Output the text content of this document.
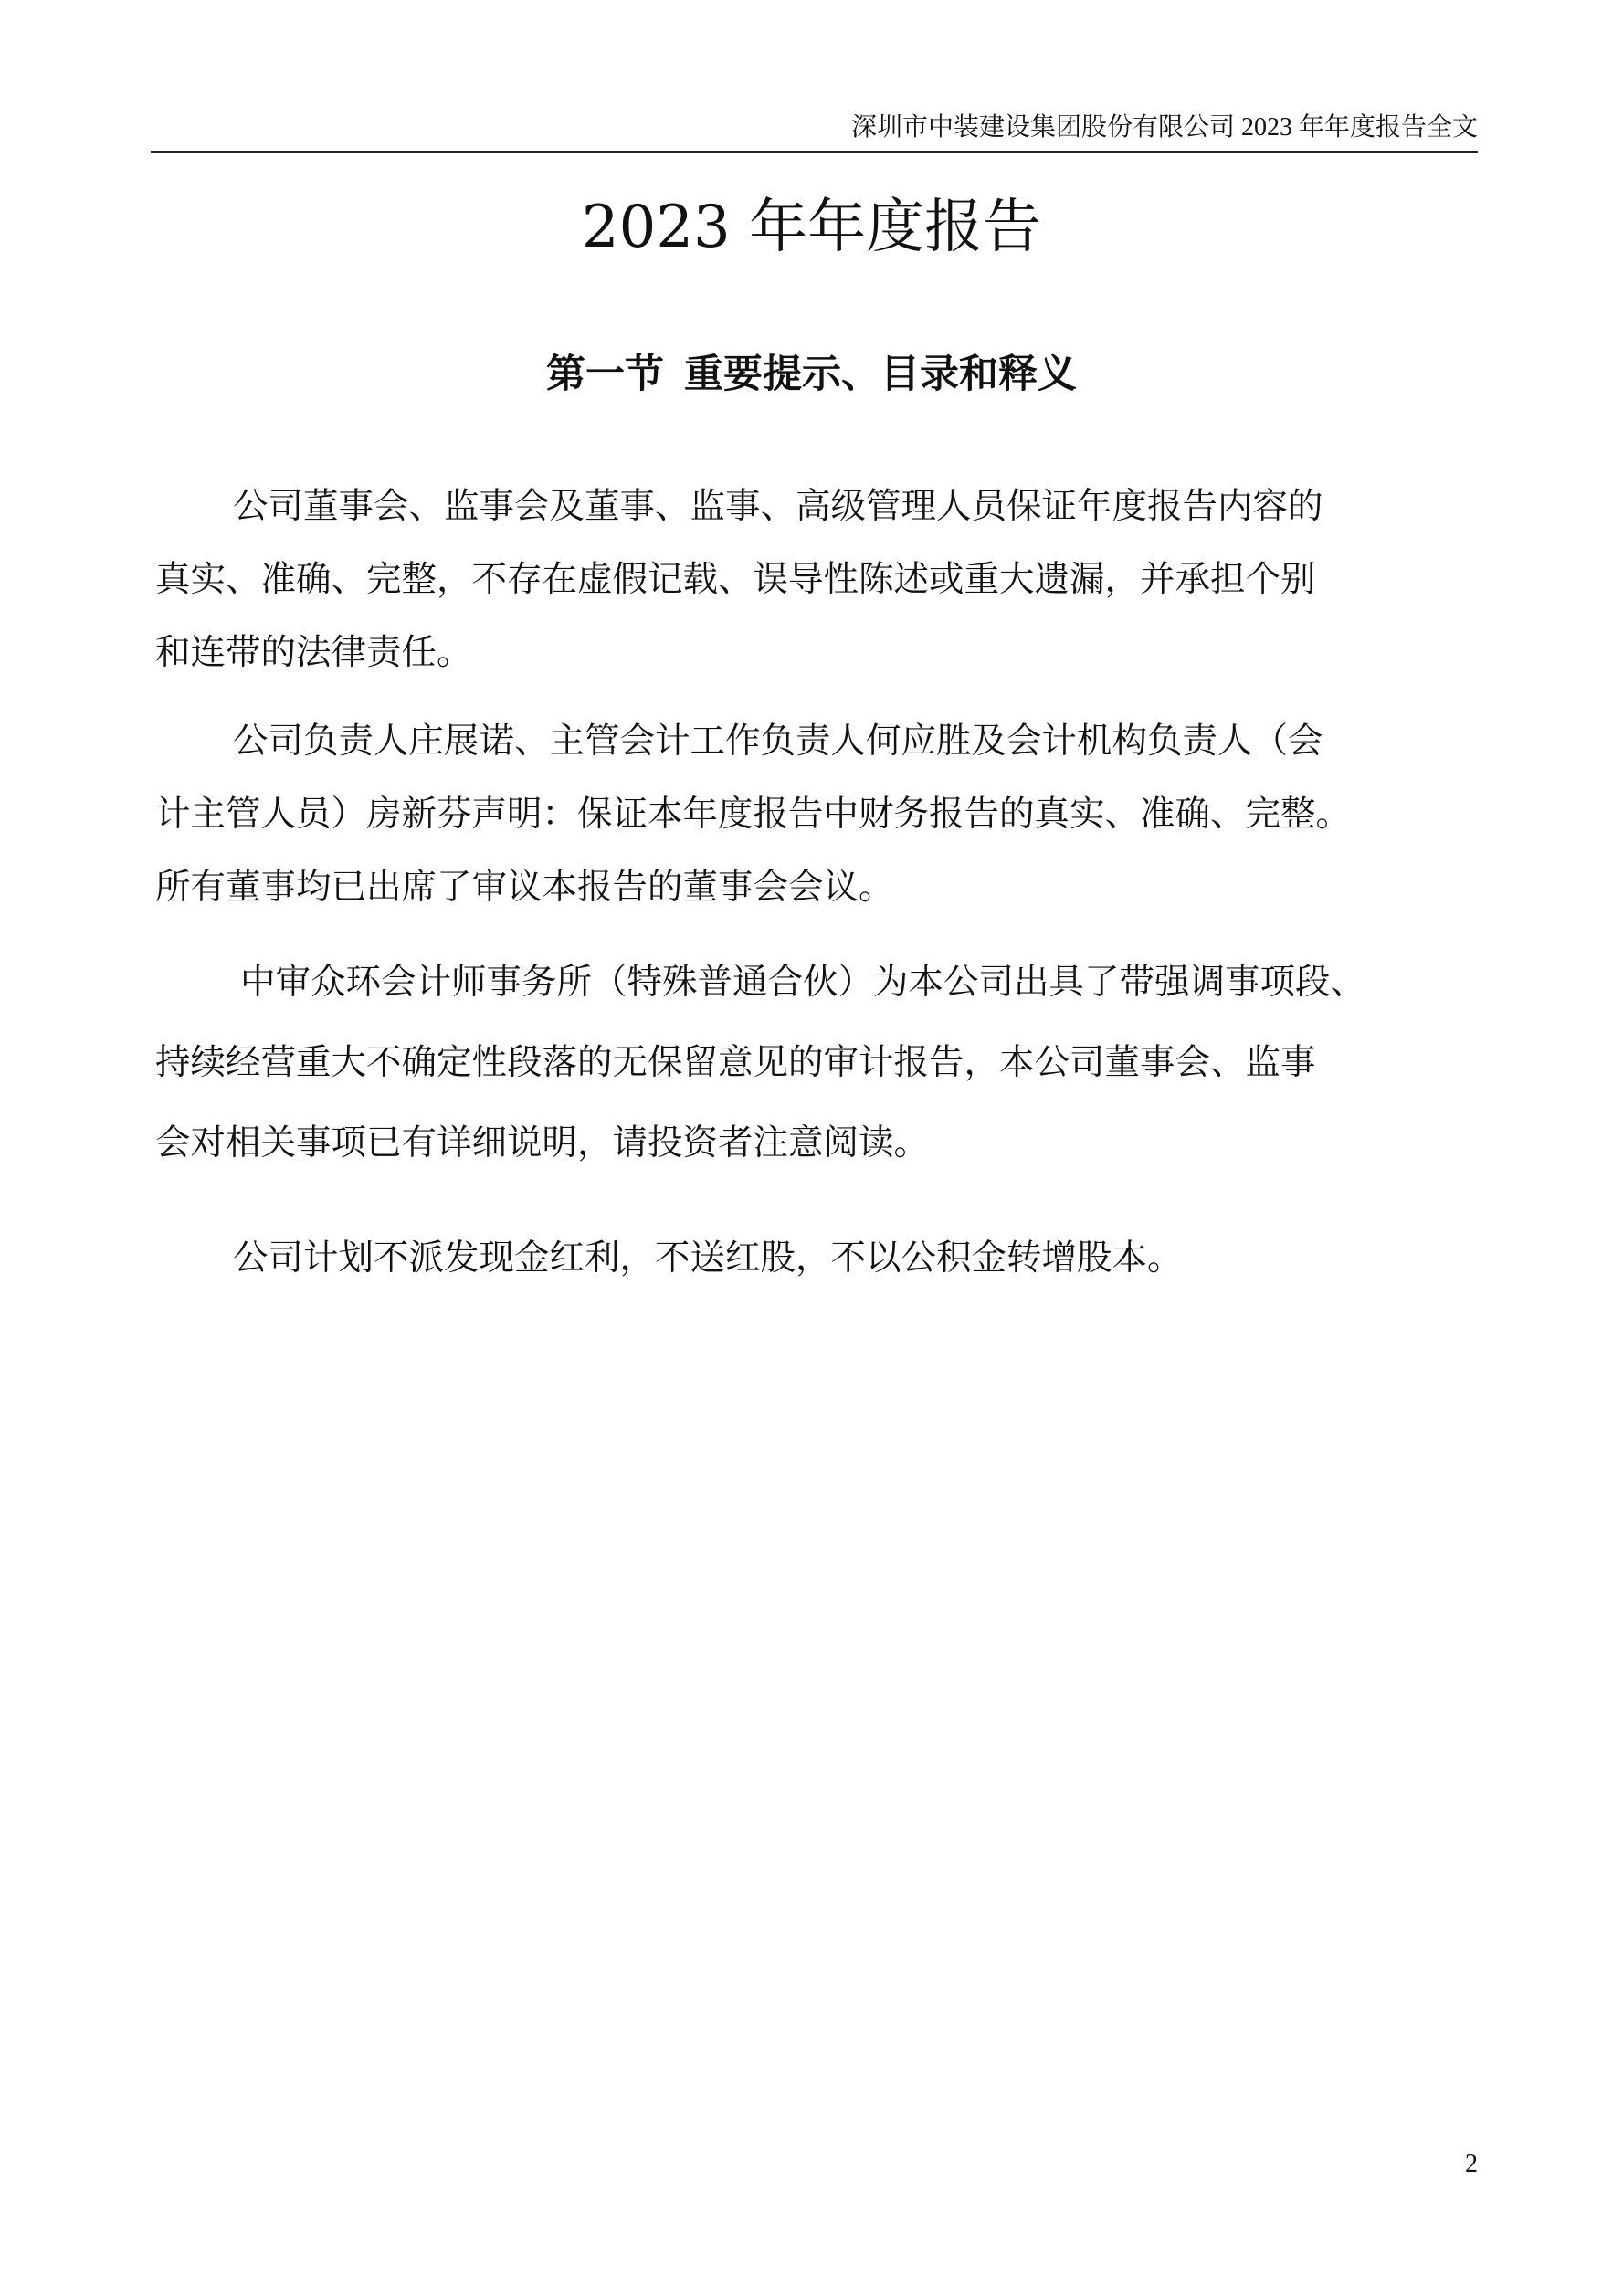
深圳市中装建设集团股份有限公司 2023 年年度报告全文
2023 年年度报告
第一节 重要提示、目录和释义

公司董事会、监事会及董事、监事、高级管理人员保证年度报告内容的
真实、准确、完整，不存在虚假记载、误导性陈述或重大遗漏，并承担个别
和连带的法律责任。

公司负责人庄展诺、主管会计工作负责人何应胜及会计机构负责人（会
计主管人员）房新芬声明：保证本年度报告中财务报告的真实、准确、完整。
所有董事均已出席了审议本报告的董事会会议。

中审众环会计师事务所（特殊普通合伙）为本公司出具了带强调事项段、
持续经营重大不确定性段落的无保留意见的审计报告，本公司董事会、监事
会对相关事项已有详细说明，请投资者注意阅读。

公司计划不派发现金红利，不送红股，不以公积金转增股本。

2
